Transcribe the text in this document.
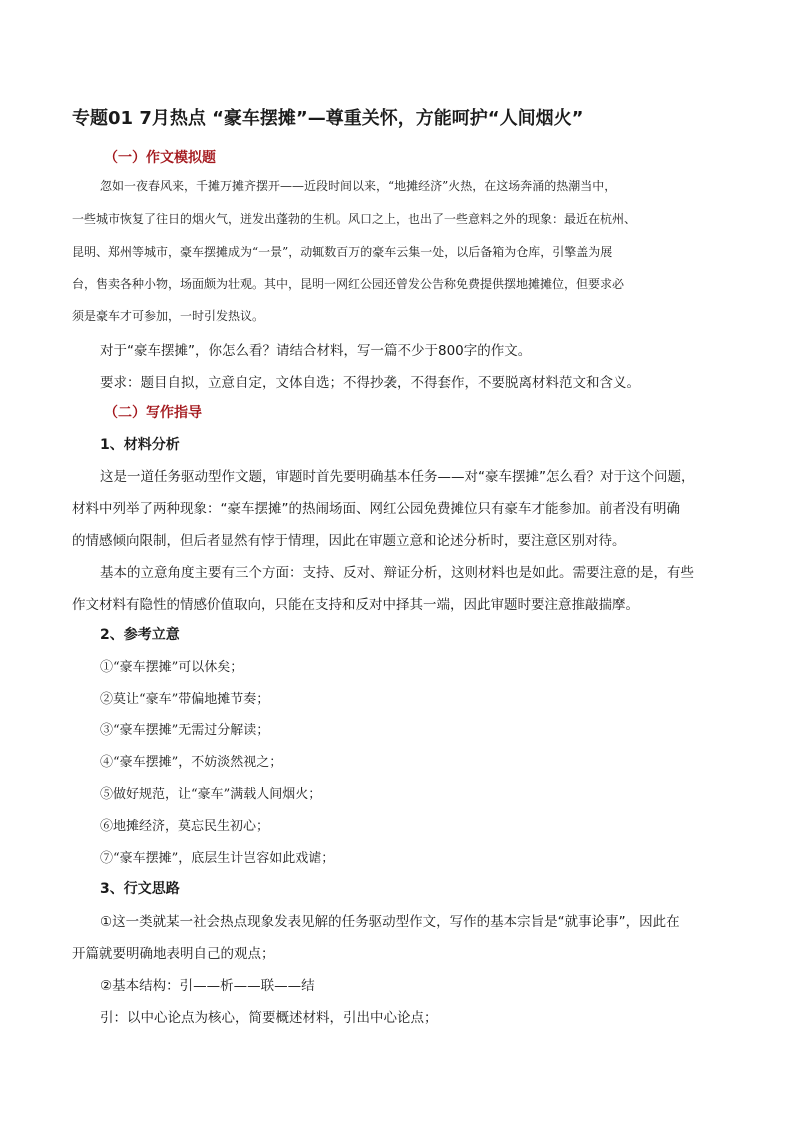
专题01 7月热点 “豪车摆摊”—尊重关怀，方能呵护“人间烟火”
（一）作文模拟题
忽如一夜春风来，千摊万摊齐摆开——近段时间以来，“地摊经济”火热，在这场奔涌的热潮当中，
一些城市恢复了往日的烟火气，迸发出蓬勃的生机。风口之上，也出了一些意料之外的现象：最近在杭州、
昆明、郑州等城市，豪车摆摊成为“一景”，动辄数百万的豪车云集一处，以后备箱为仓库，引擎盖为展
台，售卖各种小物，场面颇为壮观。其中，昆明一网红公园还曾发公告称免费提供摆地摊摊位，但要求必
须是豪车才可参加，一时引发热议。
对于“豪车摆摊”，你怎么看？请结合材料，写一篇不少于800字的作文。
要求：题目自拟，立意自定，文体自选；不得抄袭，不得套作，不要脱离材料范文和含义。
（二）写作指导
1、材料分析
这是一道任务驱动型作文题，审题时首先要明确基本任务——对“豪车摆摊”怎么看？对于这个问题，
材料中列举了两种现象：“豪车摆摊”的热闹场面、网红公园免费摊位只有豪车才能参加。前者没有明确
的情感倾向限制，但后者显然有悖于情理，因此在审题立意和论述分析时，要注意区别对待。
基本的立意角度主要有三个方面：支持、反对、辩证分析，这则材料也是如此。需要注意的是，有些
作文材料有隐性的情感价值取向，只能在支持和反对中择其一端，因此审题时要注意推敲揣摩。
2、参考立意
①“豪车摆摊”可以休矣；
②莫让“豪车”带偏地摊节奏；
③“豪车摆摊”无需过分解读；
④“豪车摆摊”，不妨淡然视之；
⑤做好规范，让“豪车”满载人间烟火；
⑥地摊经济，莫忘民生初心；
⑦“豪车摆摊”，底层生计岂容如此戏谑；
3、行文思路
①这一类就某一社会热点现象发表见解的任务驱动型作文，写作的基本宗旨是“就事论事”，因此在
开篇就要明确地表明自己的观点；
②基本结构：引——析——联——结
引：以中心论点为核心，简要概述材料，引出中心论点；
